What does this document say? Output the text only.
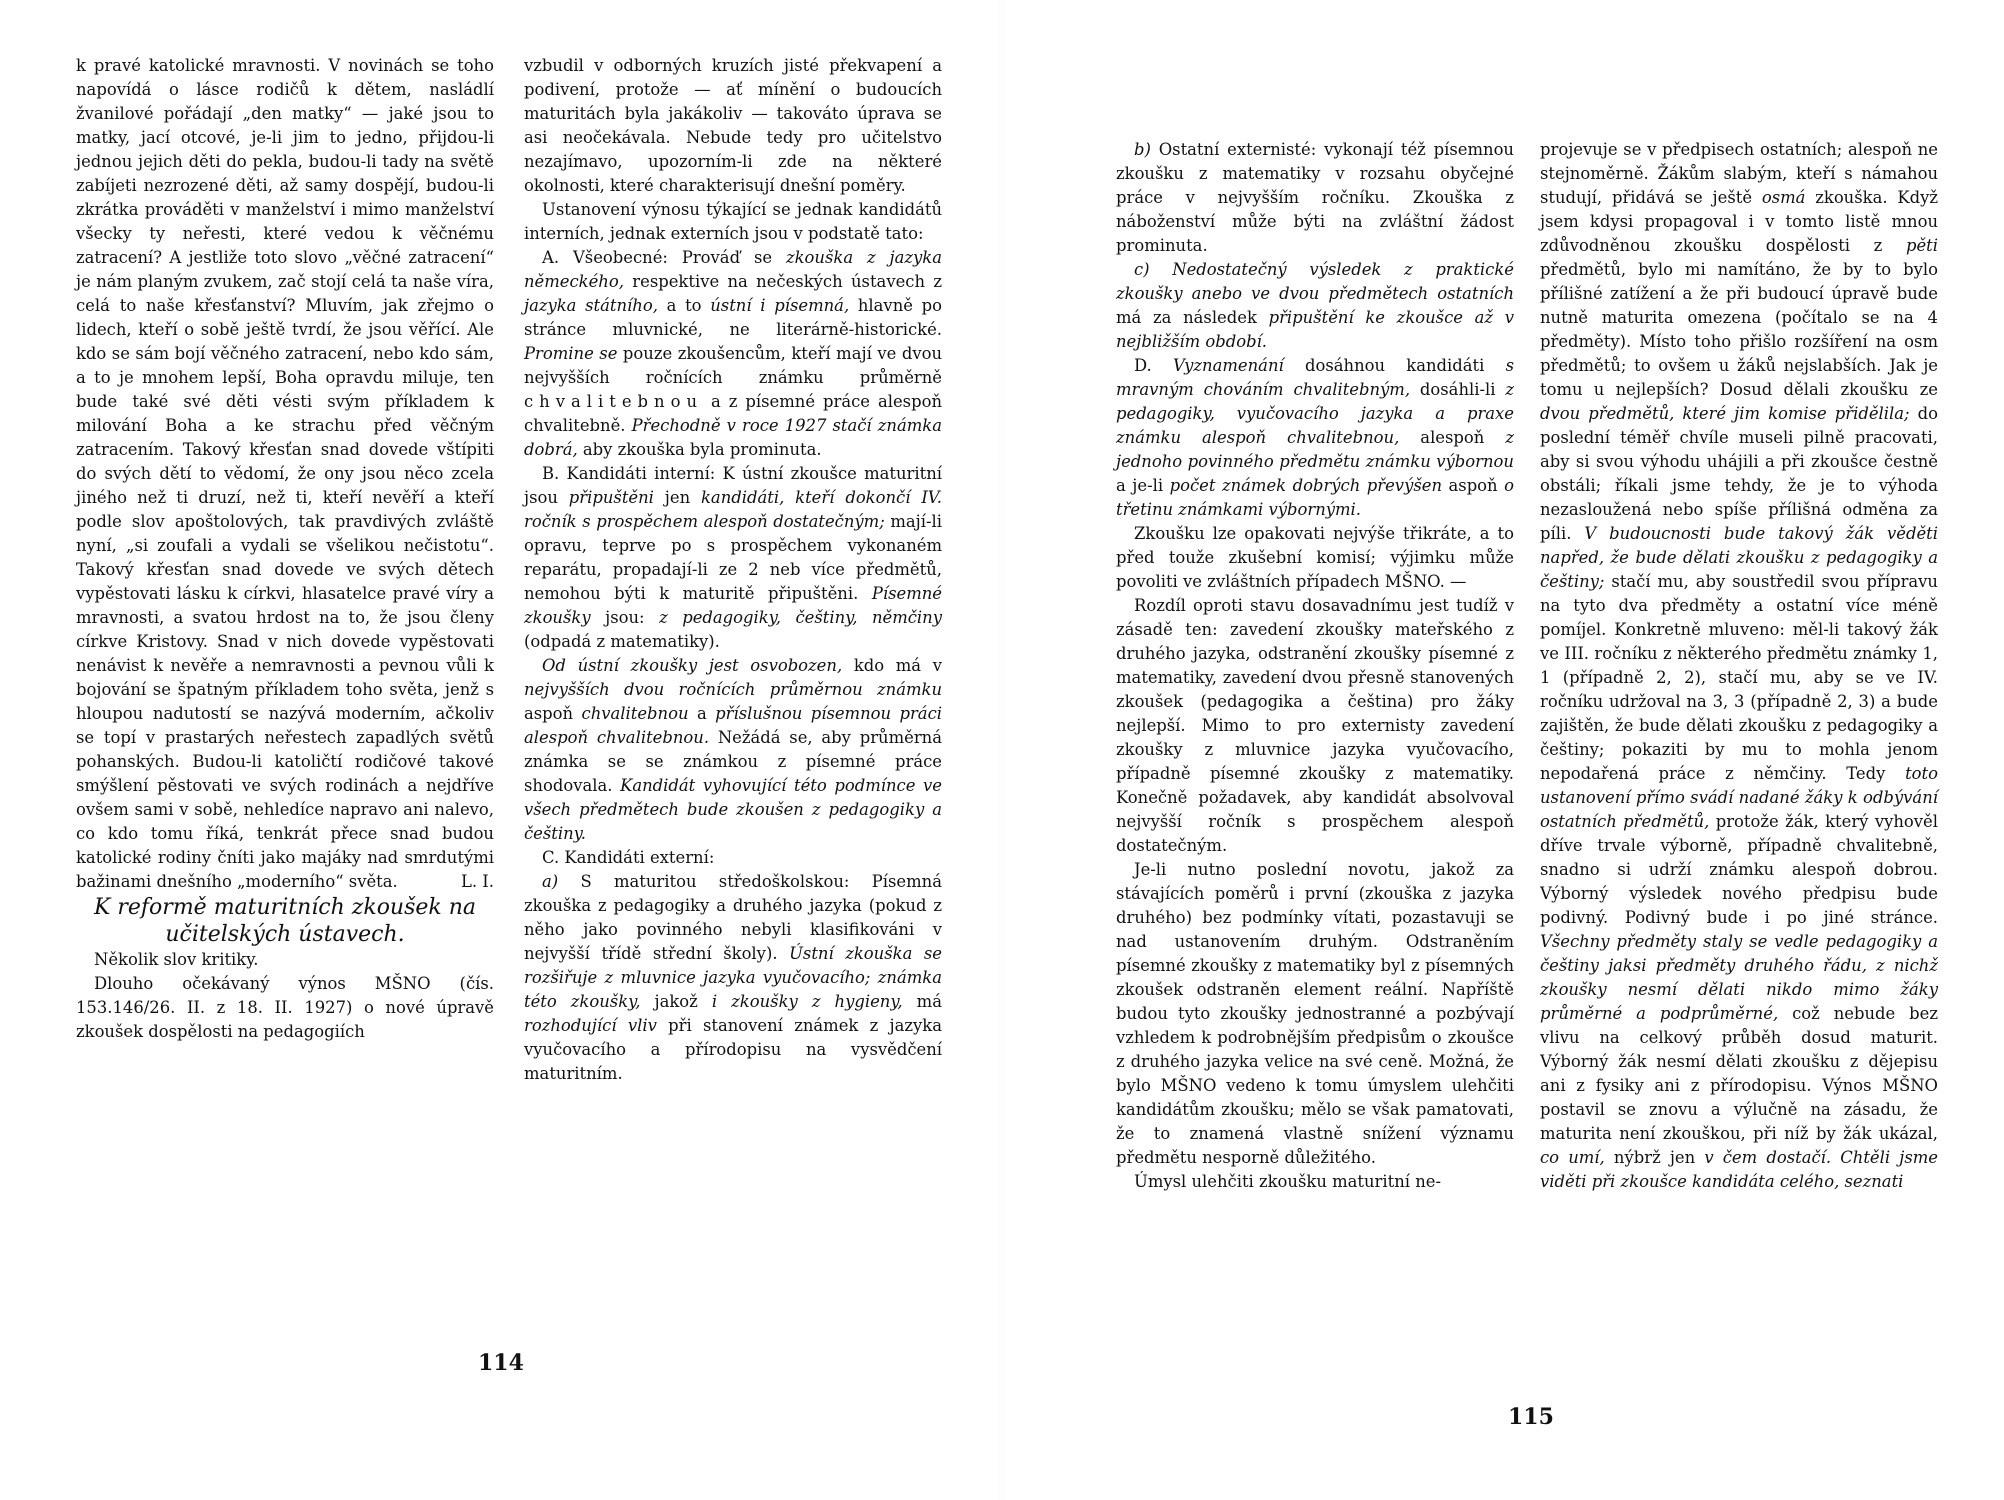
k pravé katolické mravnosti. V novinách se toho napovídá o lásce rodičů k dětem, nasládlí žvanilové pořádají „den matky“ — jaké jsou to matky, jací otcové, je-li jim to jedno, přijdou-li jednou jejich děti do pekla, budou-li tady na světě zabíjeti nezrozené děti, až samy dospějí, budou-li zkrátka prováděti v manželství i mimo manželství všecky ty neřesti, které vedou k věčnému zatracení? A jestliže toto slovo „věčné zatracení“ je nám planým zvukem, zač stojí celá ta naše víra, celá to naše křesťanství? Mluvím, jak zřejmo o lidech, kteří o sobě ještě tvrdí, že jsou věřící. Ale kdo se sám bojí věčného zatracení, nebo kdo sám, a to je mnohem lepší, Boha opravdu miluje, ten bude také své děti vésti svým příkladem k milování Boha a ke strachu před věčným zatracením. Takový křesťan snad dovede vštípiti do svých dětí to vědomí, že ony jsou něco zcela jiného než ti druzí, než ti, kteří nevěří a kteří podle slov apoštolových, tak pravdivých zvláště nyní, „si zoufali a vydali se všelikou nečistotu“. Takový křesťan snad dovede ve svých dětech vypěstovati lásku k církvi, hlasatelce pravé víry a mravnosti, a svatou hrdost na to, že jsou členy církve Kristovy. Snad v nich dovede vypěstovati nenávist k nevěře a nemravnosti a pevnou vůli k bojování se špatným příkladem toho světa, jenž s hloupou nadutostí se nazývá moderním, ačkoliv se topí v prastarých neřestech zapadlých světů pohanských. Budou-li katoličtí rodičové takové smýšlení pěstovati ve svých rodinách a nejdříve ovšem sami v sobě, nehledíce napravo ani nalevo, co kdo tomu říká, tenkrát přece snad budou katolické rodiny čníti jako majáky nad smrdutými bažinami dnešního „moderního“ světa.	L. I.

K reformě maturitních zkoušek na učitelských ústavech.

Několik slov kritiky.

Dlouho očekávaný výnos MŠNO (čís. 153.146/26. II. z 18. II. 1927) o nové úpravě zkoušek dospělosti na pedagogiích

vzbudil v odborných kruzích jisté překvapení a podivení, protože — ať mínění o budoucích maturitách byla jakákoliv — takováto úprava se asi neočekávala. Nebude tedy pro učitelstvo nezajímavo, upozorním-li zde na některé okolnosti, které charakterisují dnešní poměry.

Ustanovení výnosu týkající se jednak kandidátů interních, jednak externích jsou v podstatě tato:

A. Všeobecné: Prováď se zkouška z jazyka německého, respektive na nečeských ústavech z jazyka státního, a to ústní i písemná, hlavně po stránce mluvnické, ne literárně-historické. Promine se pouze zkoušencům, kteří mají ve dvou nejvyšších ročnících známku průměrně chvalitebnou a z písemné práce alespoň chvalitebně. Přechodně v roce 1927 stačí známka dobrá, aby zkouška byla prominuta.

B. Kandidáti interní: K ústní zkoušce maturitní jsou připuštěni jen kandidáti, kteří dokončí IV. ročník s prospěchem alespoň dostatečným; mají-li opravu, teprve po s prospěchem vykonaném reparátu, propadají-li ze 2 neb více předmětů, nemohou býti k maturitě připuštěni. Písemné zkoušky jsou: z pedagogiky, češtiny, němčiny (odpadá z matematiky).

Od ústní zkoušky jest osvobozen, kdo má v nejvyšších dvou ročnících průměrnou známku aspoň chvalitebnou a příslušnou písemnou práci alespoň chvalitebnou. Nežádá se, aby průměrná známka se se známkou z písemné práce shodovala. Kandidát vyhovující této podmínce ve všech předmětech bude zkoušen z pedagogiky a češtiny.

C. Kandidáti externí:

a) S maturitou středoškolskou: Písemná zkouška z pedagogiky a druhého jazyka (pokud z něho jako povinného nebyli klasifikováni v nejvyšší třídě střední školy). Ústní zkouška se rozšiřuje z mluvnice jazyka vyučovacího; známka této zkoušky, jakož i zkoušky z hygieny, má rozhodující vliv při stanovení známek z jazyka vyučovacího a přírodopisu na vysvědčení maturitním.

114

b) Ostatní externisté: vykonají též písemnou zkoušku z matematiky v rozsahu obyčejné práce v nejvyšším ročníku. Zkouška z náboženství může býti na zvláštní žádost prominuta.

c) Nedostatečný výsledek z praktické zkoušky anebo ve dvou předmětech ostatních má za následek připuštění ke zkoušce až v nejbližším období.

D. Vyznamenání dosáhnou kandidáti s mravným chováním chvalitebným, dosáhli-li z pedagogiky, vyučovacího jazyka a praxe známku alespoň chvalitebnou, alespoň z jednoho povinného předmětu známku výbornou a je-li počet známek dobrých převýšen aspoň o třetinu známkami výbornými.

Zkoušku lze opakovati nejvýše třikráte, a to před touže zkušební komisí; výjimku může povoliti ve zvláštních případech MŠNO. —

Rozdíl oproti stavu dosavadnímu jest tudíž v zásadě ten: zavedení zkoušky mateřského z druhého jazyka, odstranění zkoušky písemné z matematiky, zavedení dvou přesně stanovených zkoušek (pedagogika a čeština) pro žáky nejlepší. Mimo to pro externisty zavedení zkoušky z mluvnice jazyka vyučovacího, případně písemné zkoušky z matematiky. Konečně požadavek, aby kandidát absolvoval nejvyšší ročník s prospěchem alespoň dostatečným.

Je-li nutno poslední novotu, jakož za stávajících poměrů i první (zkouška z jazyka druhého) bez podmínky vítati, pozastavuji se nad ustanovením druhým. Odstraněním písemné zkoušky z matematiky byl z písemných zkoušek odstraněn element reální. Napříště budou tyto zkoušky jednostranné a pozbývají vzhledem k podrobnějším předpisům o zkoušce z druhého jazyka velice na své ceně. Možná, že bylo MŠNO vedeno k tomu úmyslem ulehčiti kandidátům zkoušku; mělo se však pamatovati, že to znamená vlastně snížení významu předmětu nesporně důležitého.

Úmysl ulehčiti zkoušku maturitní ne-

projevuje se v předpisech ostatních; alespoň ne stejnoměrně. Žákům slabým, kteří s námahou studují, přidává se ještě osmá zkouška. Když jsem kdysi propagoval i v tomto listě mnou zdůvodněnou zkoušku dospělosti z pěti předmětů, bylo mi namítáno, že by to bylo přílišné zatížení a že při budoucí úpravě bude nutně maturita omezena (počítalo se na 4 předměty). Místo toho přišlo rozšíření na osm předmětů; to ovšem u žáků nejslabších. Jak je tomu u nejlepších? Dosud dělali zkoušku ze dvou předmětů, které jim komise přidělila; do poslední téměř chvíle museli pilně pracovati, aby si svou výhodu uhájili a při zkoušce čestně obstáli; říkali jsme tehdy, že je to výhoda nezasloužená nebo spíše přílišná odměna za píli. V budoucnosti bude takový žák věděti napřed, že bude dělati zkoušku z pedagogiky a češtiny; stačí mu, aby soustředil svou přípravu na tyto dva předměty a ostatní více méně pomíjel. Konkretně mluveno: měl-li takový žák ve III. ročníku z některého předmětu známky 1, 1 (případně 2, 2), stačí mu, aby se ve IV. ročníku udržoval na 3, 3 (případně 2, 3) a bude zajištěn, že bude dělati zkoušku z pedagogiky a češtiny; pokaziti by mu to mohla jenom nepodařená práce z němčiny. Tedy toto ustanovení přímo svádí nadané žáky k odbývání ostatních předmětů, protože žák, který vyhověl dříve trvale výborně, případně chvalitebně, snadno si udrží známku alespoň dobrou. Výborný výsledek nového předpisu bude podivný. Podivný bude i po jiné stránce. Všechny předměty staly se vedle pedagogiky a češtiny jaksi předměty druhého řádu, z nichž zkoušky nesmí dělati nikdo mimo žáky průměrné a podprůměrné, což nebude bez vlivu na celkový průběh dosud maturit. Výborný žák nesmí dělati zkoušku z dějepisu ani z fysiky ani z přírodopisu. Výnos MŠNO postavil se znovu a výlučně na zásadu, že maturita není zkouškou, při níž by žák ukázal, co umí, nýbrž jen v čem dostačí. Chtěli jsme viděti při zkoušce kandidáta celého, seznati

115
